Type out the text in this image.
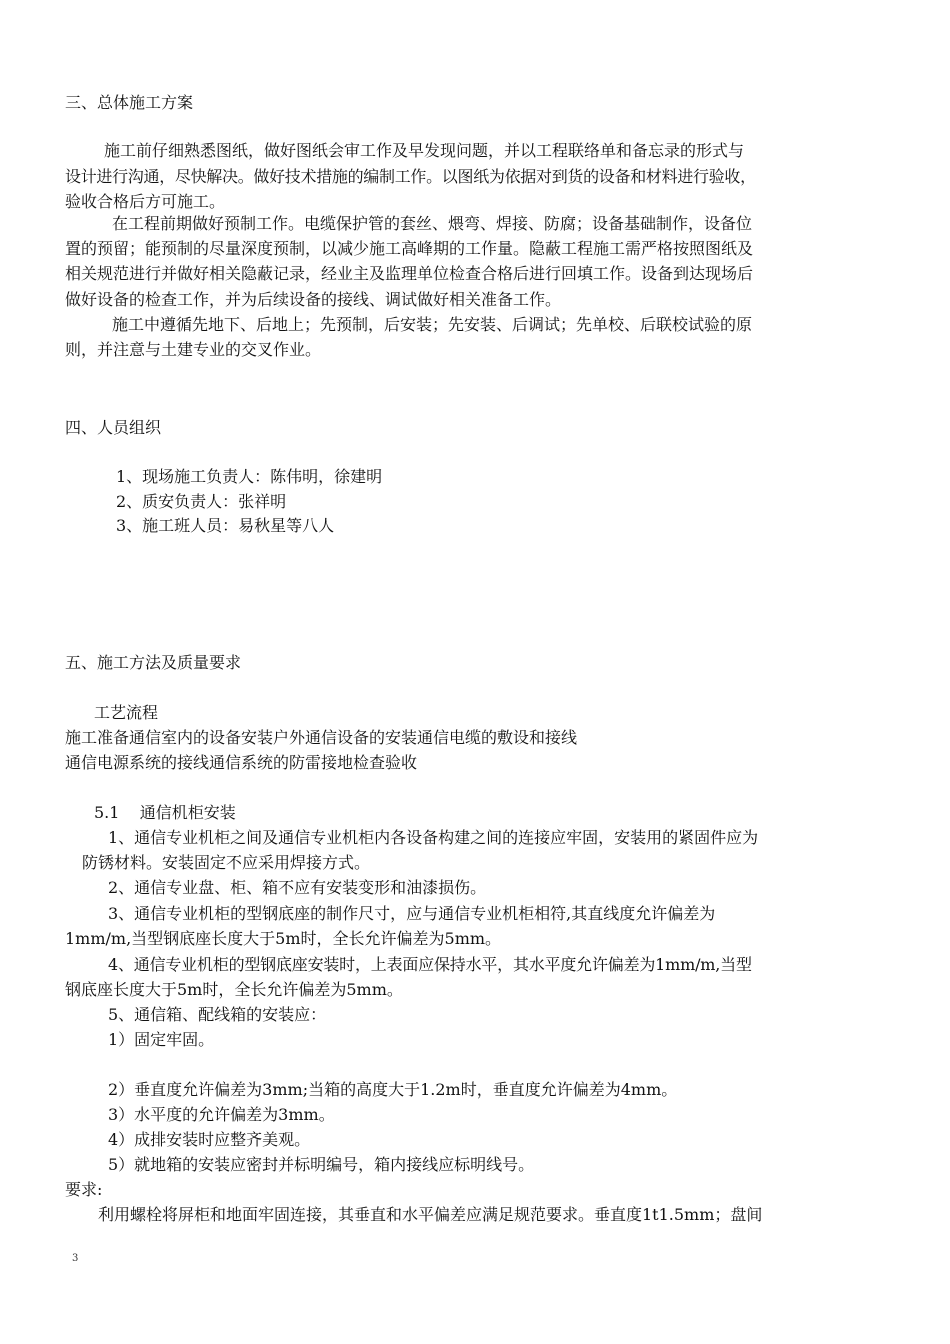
三、总体施工方案
施工前仔细熟悉图纸，做好图纸会审工作及早发现问题，并以工程联络单和备忘录的形式与
设计进行沟通，尽快解决。做好技术措施的编制工作。以图纸为依据对到货的设备和材料进行验收，
验收合格后方可施工。
在工程前期做好预制工作。电缆保护管的套丝、煨弯、焊接、防腐；设备基础制作，设备位
置的预留；能预制的尽量深度预制，以减少施工高峰期的工作量。隐蔽工程施工需严格按照图纸及
相关规范进行并做好相关隐蔽记录，经业主及监理单位检查合格后进行回填工作。设备到达现场后
做好设备的检查工作，并为后续设备的接线、调试做好相关准备工作。
施工中遵循先地下、后地上；先预制，后安装；先安装、后调试；先单校、后联校试验的原
则，并注意与土建专业的交叉作业。
四、人员组织
1、现场施工负责人：陈伟明，徐建明
2、质安负责人：张祥明
3、施工班人员：易秋星等八人
五、施工方法及质量要求
工艺流程
施工准备通信室内的设备安装户外通信设备的安装通信电缆的敷设和接线
通信电源系统的接线通信系统的防雷接地检查验收
5.1    通信机柜安装
1、通信专业机柜之间及通信专业机柜内各设备构建之间的连接应牢固，安装用的紧固件应为
防锈材料。安装固定不应采用焊接方式。
2、通信专业盘、柜、箱不应有安装变形和油漆损伤。
3、通信专业机柜的型钢底座的制作尺寸，应与通信专业机柜相符,其直线度允许偏差为
1mm/m,当型钢底座长度大于5m时，全长允许偏差为5mm。
4、通信专业机柜的型钢底座安装时，上表面应保持水平，其水平度允许偏差为1mm/m,当型
钢底座长度大于5m时，全长允许偏差为5mm。
5、通信箱、配线箱的安装应：
1）固定牢固。
2）垂直度允许偏差为3mm;当箱的高度大于1.2m时，垂直度允许偏差为4mm。
3）水平度的允许偏差为3mm。
4）成排安装时应整齐美观。
5）就地箱的安装应密封并标明编号，箱内接线应标明线号。
要求:
利用螺栓将屏柜和地面牢固连接，其垂直和水平偏差应满足规范要求。垂直度1t1.5mm；盘间
3
